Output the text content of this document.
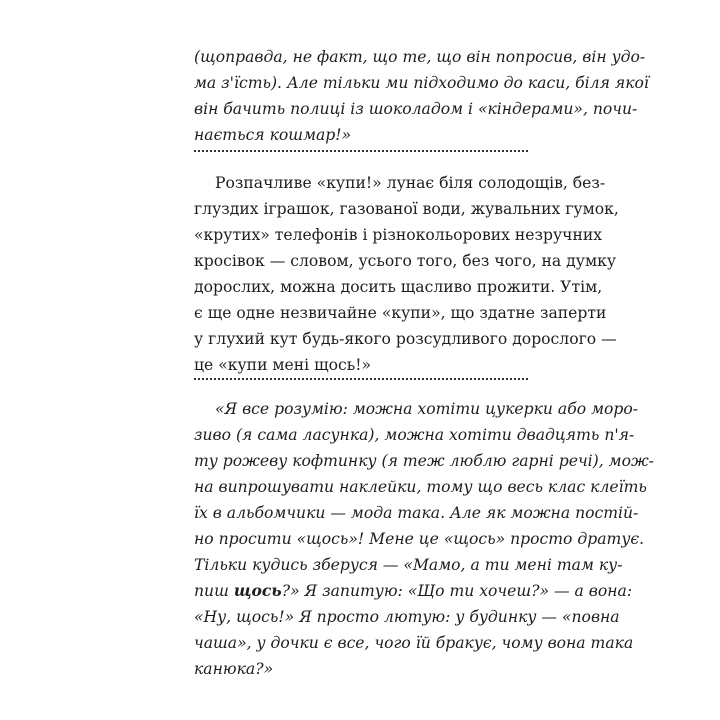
(щоправда, не факт, що те, що він попросив, він удо-
ма з'їсть). Але тільки ми підходимо до каси, біля якої
він бачить полиці із шоколадом і «кіндерами», почи-
нається кошмар!»
Розпачливе «купи!» лунає біля солодощів, без-
глуздих іграшок, газованої води, жувальних гумок,
«крутих» телефонів і різнокольорових незручних
кросівок — словом, усього того, без чого, на думку
дорослих, можна досить щасливо прожити. Утім,
є ще одне незвичайне «купи», що здатне заперти
у глухий кут будь-якого розсудливого дорослого —
це «купи мені щось!»
«Я все розумію: можна хотіти цукерки або моро-
зиво (я сама ласунка), можна хотіти двадцять п'я-
ту рожеву кофтинку (я теж люблю гарні речі), мож-
на випрошувати наклейки, тому що весь клас клеїть
їх в альбомчики — мода така. Але як можна постій-
но просити «щось»! Мене це «щось» просто дратує.
Тільки кудись зберуся — «Мамо, а ти мені там ку-
пиш щось?» Я запитую: «Що ти хочеш?» — а вона:
«Ну, щось!» Я просто лютую: у будинку — «повна
чаша», у дочки є все, чого їй бракує, чому вона така
канюка?»
